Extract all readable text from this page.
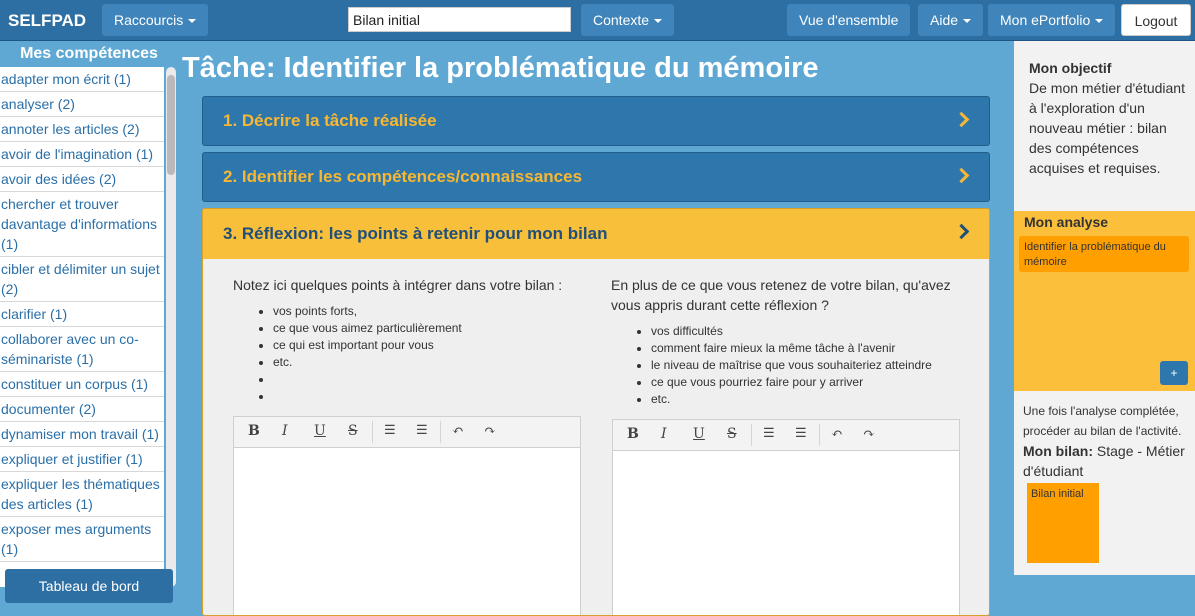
SELFPAD	Raccourcis
Bilan initial	Contexte	Vue d'ensemble	Aide	Mon ePortfolio	Logout
Mes compétences
adapter mon écrit (1)
analyser (2)
annoter les articles (2)
avoir de l'imagination (1)
avoir des idées (2)
chercher et trouver davantage d'informations (1)
cibler et délimiter un sujet (2)
clarifier (1)
collaborer avec un co-séminariste (1)
constituer un corpus (1)
documenter (2)
dynamiser mon travail (1)
expliquer et justifier (1)
expliquer les thématiques des articles (1)
exposer mes arguments (1)
Tableau de bord
Tâche: Identifier la problématique du mémoire
1. Décrire la tâche réalisée
2. Identifier les compétences/connaissances
3. Réflexion: les points à retenir pour mon bilan
Notez ici quelques points à intégrer dans votre bilan :
• vos points forts,
• ce que vous aimez particulièrement
• ce qui est important pour vous
• etc.
•
•
En plus de ce que vous retenez de votre bilan, qu'avez vous appris durant cette réflexion ?
• vos difficultés
• comment faire mieux la même tâche à l'avenir
• le niveau de maîtrise que vous souhaiteriez atteindre
• ce que vous pourriez faire pour y arriver
• etc.
B I U S ☰ ☰ ↶ ↷	B I U S ☰ ☰ ↶ ↷
Mon objectif
De mon métier d'étudiant à l'exploration d'un nouveau métier : bilan des compétences acquises et requises.
Mon analyse
Identifier la problématique du mémoire
+
Une fois l'analyse complétée, procéder au bilan de l'activité.
Mon bilan: Stage - Métier d'étudiant
Bilan initial
